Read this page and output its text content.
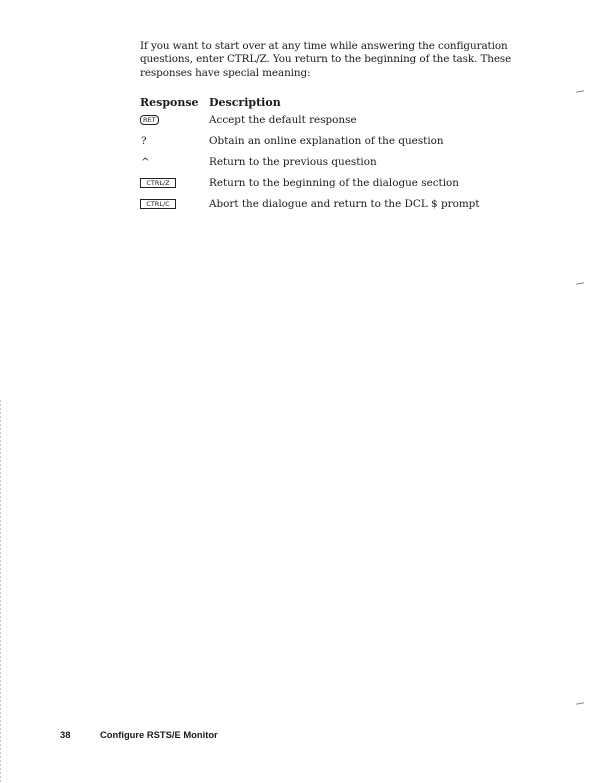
If you want to start over at any time while answering the configuration questions, enter CTRL/Z. You return to the beginning of the task. These responses have special meaning:

Response Description
RET	Accept the default response
?	Obtain an online explanation of the question
^	Return to the previous question
CTRL/Z	Return to the beginning of the dialogue section
CTRL/C	Abort the dialogue and return to the DCL $ prompt
38	Configure RSTS/E Monitor
